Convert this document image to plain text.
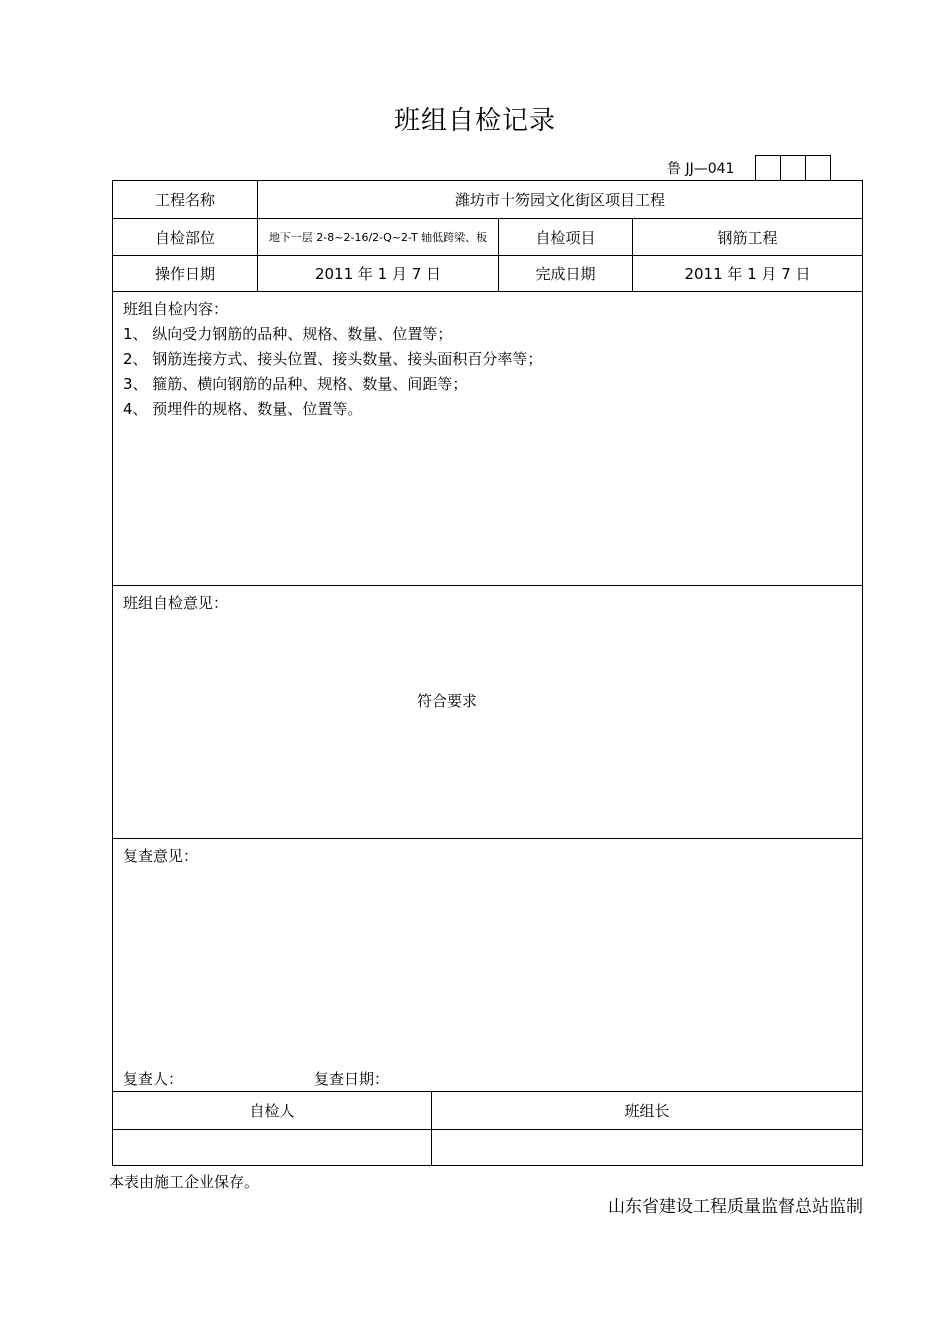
班组自检记录
鲁 JJ—041
工程名称	潍坊市十笏园文化街区项目工程
自检部位	地下一层 2-8~2-16/2-Q~2-T 轴低跨梁、板	自检项目	钢筋工程
操作日期	2011 年 1 月 7 日	完成日期	2011 年 1 月 7 日
班组自检内容：
1、 纵向受力钢筋的品种、规格、数量、位置等；
2、 钢筋连接方式、接头位置、接头数量、接头面积百分率等；
3、 箍筋、横向钢筋的品种、规格、数量、间距等；
4、 预埋件的规格、数量、位置等。
班组自检意见：
符合要求
复查意见：
复查人：	复查日期：
自检人	班组长
本表由施工企业保存。
山东省建设工程质量监督总站监制
